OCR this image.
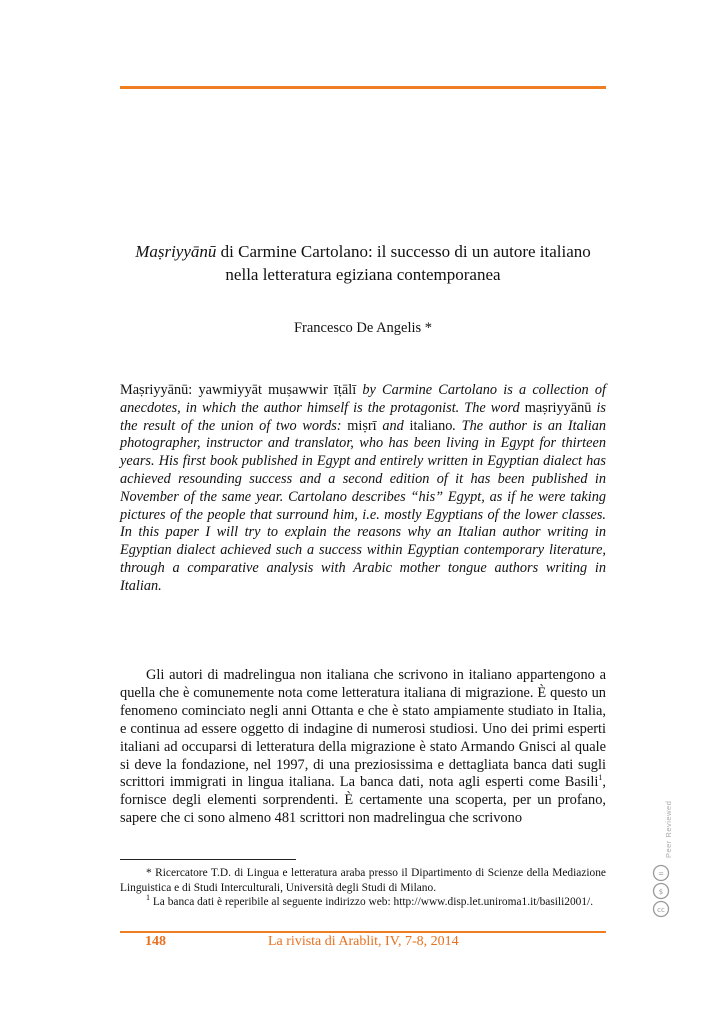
Maṣriyyānū di Carmine Cartolano: il successo di un autore italiano

nella letteratura egiziana contemporanea

Francesco De Angelis *
Maṣriyyānū: yawmiyyāt muṣawwir īṭālī by Carmine Cartolano is a collection of anecdotes, in which the author himself is the protagonist. The word maṣriyyānū is the result of the union of two words: miṣrī and italiano. The author is an Italian photographer, instructor and translator, who has been living in Egypt for thirteen years. His first book published in Egypt and entirely written in Egyptian dialect has achieved resounding success and a second edition of it has been published in November of the same year. Cartolano describes “his” Egypt, as if he were taking pictures of the people that surround him, i.e. mostly Egyptians of the lower classes. In this paper I will try to explain the reasons why an Italian author writing in Egyptian dialect achieved such a success within Egyptian contemporary literature, through a comparative analysis with Arabic mother tongue authors writing in Italian.

Gli autori di madrelingua non italiana che scrivono in italiano appartengono a quella che è comunemente nota come letteratura italiana di migrazione. È questo un fenomeno cominciato negli anni Ottanta e che è stato ampiamente studiato in Italia, e continua ad essere oggetto di indagine di numerosi studiosi. Uno dei primi esperti italiani ad occuparsi di letteratura della migrazione è stato Armando Gnisci al quale si deve la fondazione, nel 1997, di una preziosissima e dettagliata banca dati sugli scrittori immigrati in lingua italiana. La banca dati, nota agli esperti come Basili$^1$, fornisce degli elementi sorprendenti. È certamente una scoperta, per un profano, sapere che ci sono almeno 481 scrittori non madrelingua che scrivono

* Ricercatore T.D. di Lingua e letteratura araba presso il Dipartimento di Scienze della Mediazione Linguistica e di Studi Interculturali, Università degli Studi di Milano.

$^1$ La banca dati è reperibile al seguente indirizzo web: http://www.disp.let.uniroma1.it/basili2001/.

Peer Reviewed
=
$
cc
148	La rivista di Arablit, IV, 7-8, 2014
